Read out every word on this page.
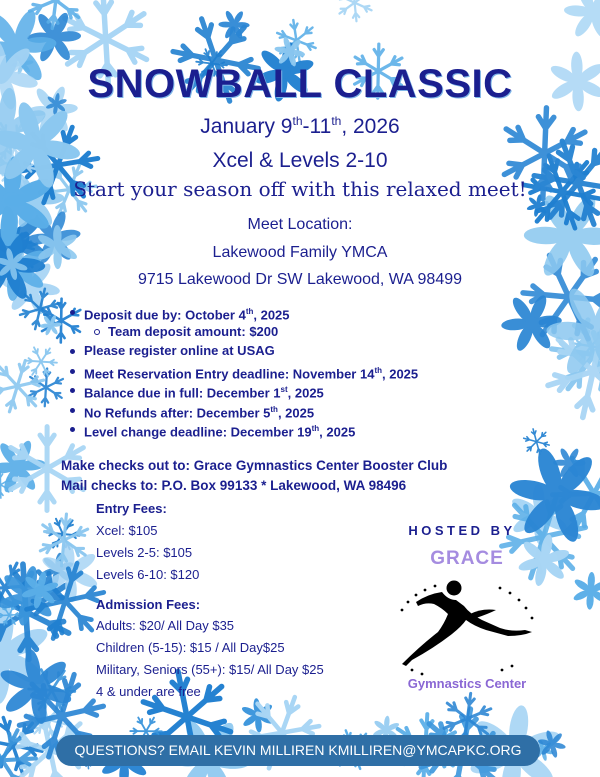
SNOWBALL CLASSIC
January 9th-11th, 2026
Xcel & Levels 2-10
Start your season off with this relaxed meet!
Meet Location:
Lakewood Family YMCA
9715 Lakewood Dr SW Lakewood, WA 98499
Deposit due by: October 4th, 2025
Team deposit amount: $200
Please register online at USAG
Meet Reservation Entry deadline: November 14th, 2025
Balance due in full: December 1st, 2025
No Refunds after: December 5th, 2025
Level change deadline: December 19th, 2025
Make checks out to: Grace Gymnastics Center Booster Club
Mail checks to: P.O. Box 99133 * Lakewood, WA 98496
Entry Fees:
Xcel: $105
Levels 2-5: $105
Levels 6-10: $120
Admission Fees:
Adults: $20/ All Day $35
Children (5-15): $15 / All Day$25
Military, Seniors (55+): $15/ All Day $25
4 & under are free
HOSTED BY
GRACE
Gymnastics Center
QUESTIONS? EMAIL KEVIN MILLIREN KMILLIREN@YMCAPKC.ORG
